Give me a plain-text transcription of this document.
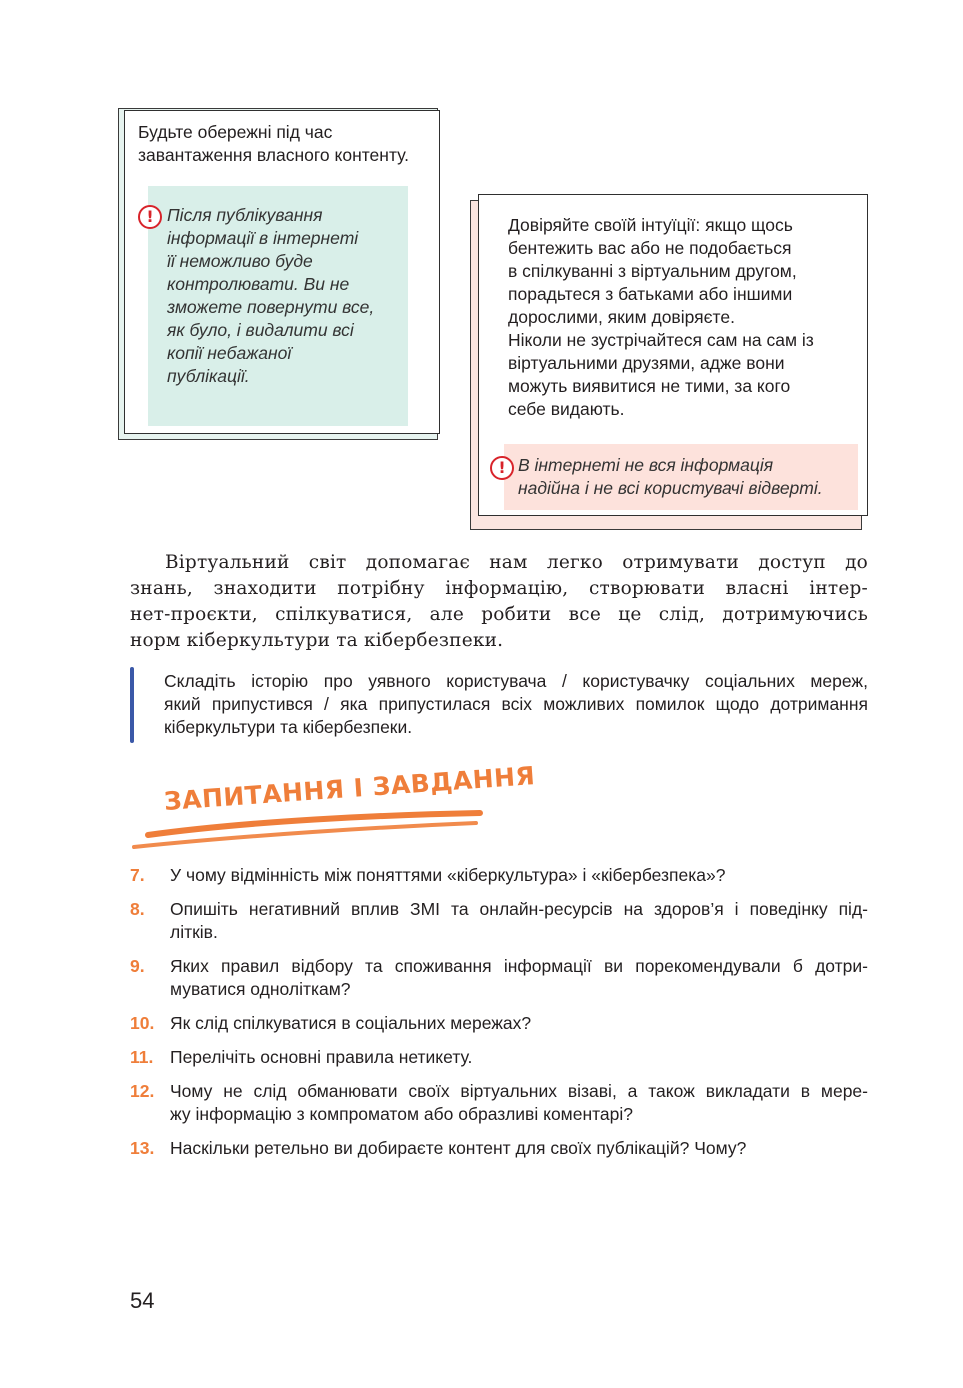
Будьте обережні під час
завантаження власного контенту.
! Після публікування
інформації в інтернеті
її неможливо буде
контролювати. Ви не
зможете повернути все,
як було, і видалити всі
копії небажаної
публікації.
Довіряйте своїй інтуїції: якщо щось
бентежить вас або не подобається
в спілкуванні з віртуальним другом,
порадьтеся з батьками або іншими
дорослими, яким довіряєте.
Ніколи не зустрічайтеся сам на сам із
віртуальними друзями, адже вони
можуть виявитися не тими, за кого
себе видають.
! В інтернеті не вся інформація
надійна і не всі користувачі відверті.
Віртуальний світ допомагає нам легко отримувати доступ до
знань, знаходити потрібну інформацію, створювати власні інтер-
нет-проєкти, спілкуватися, але робити все це слід, дотримуючись
норм кіберкультури та кібербезпеки.
Складіть історію про уявного користувача / користувачку соціальних мереж,
який припустився / яка припустилася всіх можливих помилок щодо дотримання
кіберкультури та кібербезпеки.
ЗАПИТАННЯ І ЗАВДАННЯ
7. У чому відмінність між поняттями «кіберкультура» і «кібербезпека»?
8. Опишіть негативний вплив ЗМІ та онлайн-ресурсів на здоров’я і поведінку під-
літків.
9. Яких правил відбору та споживання інформації ви порекомендували б дотри-
муватися одноліткам?
10. Як слід спілкуватися в соціальних мережах?
11. Перелічіть основні правила нетикету.
12. Чому не слід обманювати своїх віртуальних візаві, а також викладати в мере-
жу інформацію з компроматом або образливі коментарі?
13. Наскільки ретельно ви добираєте контент для своїх публікацій? Чому?
54
